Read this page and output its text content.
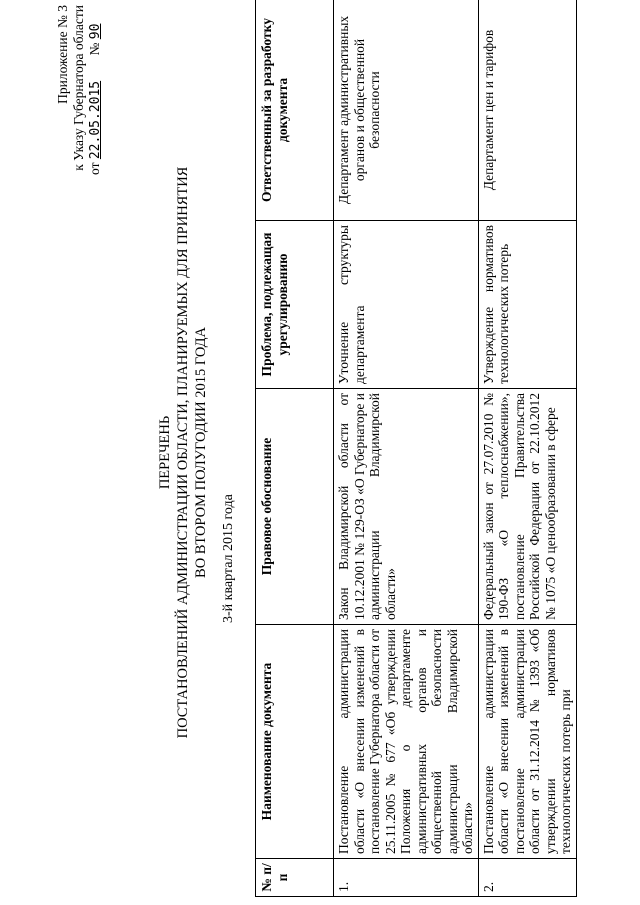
Приложение № 3 к Указу Губернатора области от 22.05.2015 № 90
ПЕРЕЧЕНЬ ПОСТАНОВЛЕНИЙ АДМИНИСТРАЦИИ ОБЛАСТИ, ПЛАНИРУЕМЫХ ДЛЯ ПРИНЯТИЯ ВО ВТОРОМ ПОЛУГОДИИ 2015 ГОДА 3-й квартал 2015 года
№ п/п	Наименование документа	Правовое обоснование	Проблема, подлежащая урегулированию	Ответственный за разработку документа
1.	Постановление администрации области «О внесении изменений в постановление Губернатора области от 25.11.2005 № 677 «Об утверждении Положения о департаменте административных органов и общественной безопасности администрации Владимирской области»	Закон Владимирской области от 10.12.2001 № 129-ОЗ «О Губернаторе и администрации Владимирской области»	Уточнение структуры департамента	Департамент административных органов и общественной безопасности
2.	Постановление администрации области «О внесении изменений в постановление администрации области от 31.12.2014 № 1393 «Об утверждении нормативов технологических потерь при	Федеральный закон от 27.07.2010 № 190-ФЗ «О теплоснабжении», постановление Правительства Российской Федерации от 22.10.2012 № 1075 «О ценообразовании в сфере	Утверждение нормативов технологических потерь	Департамент цен и тарифов
